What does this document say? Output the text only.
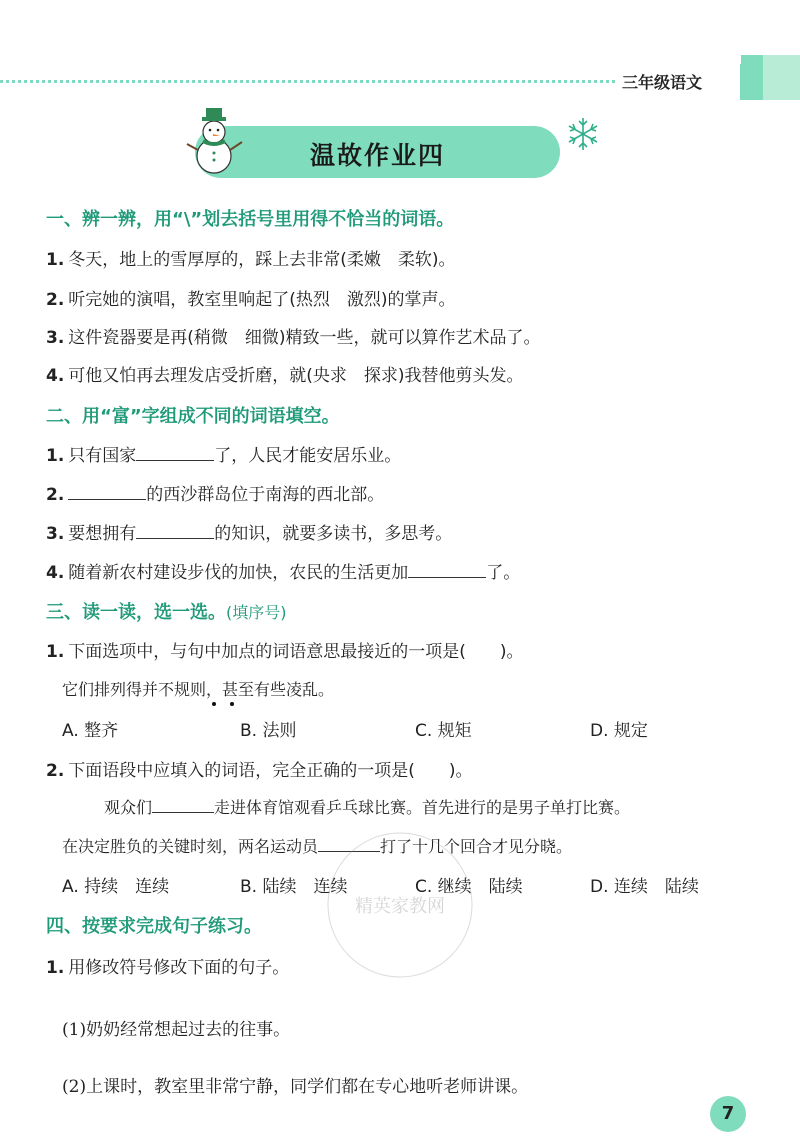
三年级语文
温故作业四
一、辨一辨，用“\”划去括号里用得不恰当的词语。
1. 冬天，地上的雪厚厚的，踩上去非常(柔嫩　柔软)。
2. 听完她的演唱，教室里响起了(热烈　激烈)的掌声。
3. 这件瓷器要是再(稍微　细微)精致一些，就可以算作艺术品了。
4. 可他又怕再去理发店受折磨，就(央求　探求)我替他剪头发。
二、用“富”字组成不同的词语填空。
1. 只有国家	了，人民才能安居乐业。
2.	的西沙群岛位于南海的西北部。
3. 要想拥有	的知识，就要多读书，多思考。
4. 随着新农村建设步伐的加快，农民的生活更加	了。
三、读一读，选一选。(填序号)
1. 下面选项中，与句中加点的词语意思最接近的一项是(　　)。
它们排列得并不规则，甚至有些凌乱。
A. 整齐	B. 法则	C. 规矩	D. 规定
2. 下面语段中应填入的词语，完全正确的一项是(　　)。
观众们	走进体育馆观看乒乓球比赛。首先进行的是男子单打比赛。
在决定胜负的关键时刻，两名运动员	打了十几个回合才见分晓。
A. 持续　连续	B. 陆续　连续	C. 继续　陆续	D. 连续　陆续
四、按要求完成句子练习。
1. 用修改符号修改下面的句子。
(1)奶奶经常想起过去的往事。
(2)上课时，教室里非常宁静，同学们都在专心地听老师讲课。
精英家教网
7
